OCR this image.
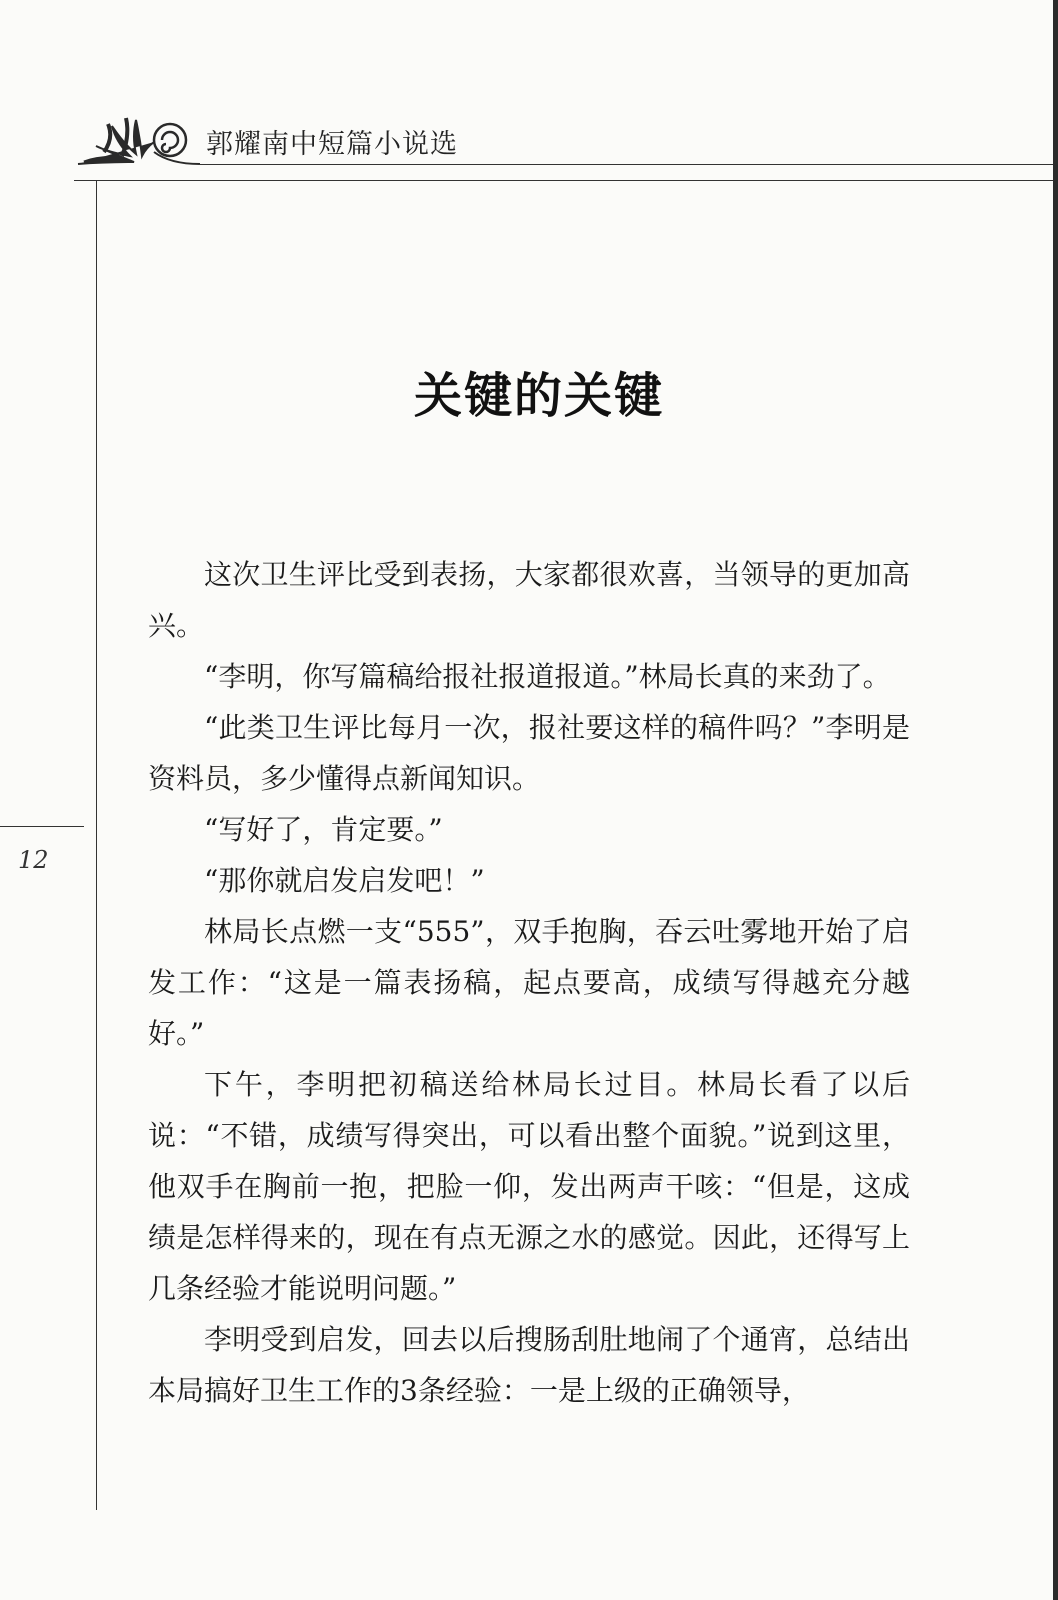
郭耀南中短篇小说选
12
关键的关键

这次卫生评比受到表扬，大家都很欢喜，当领导的更加高兴。

“李明，你写篇稿给报社报道报道。”林局长真的来劲了。

“此类卫生评比每月一次，报社要这样的稿件吗？”李明是资料员，多少懂得点新闻知识。

“写好了，肯定要。”

“那你就启发启发吧！”

林局长点燃一支“555”，双手抱胸，吞云吐雾地开始了启发工作：“这是一篇表扬稿，起点要高，成绩写得越充分越好。”

下午，李明把初稿送给林局长过目。林局长看了以后说：“不错，成绩写得突出，可以看出整个面貌。”说到这里，他双手在胸前一抱，把脸一仰，发出两声干咳：“但是，这成绩是怎样得来的，现在有点无源之水的感觉。因此，还得写上几条经验才能说明问题。”

李明受到启发，回去以后搜肠刮肚地闹了个通宵，总结出本局搞好卫生工作的3条经验：一是上级的正确领导，
